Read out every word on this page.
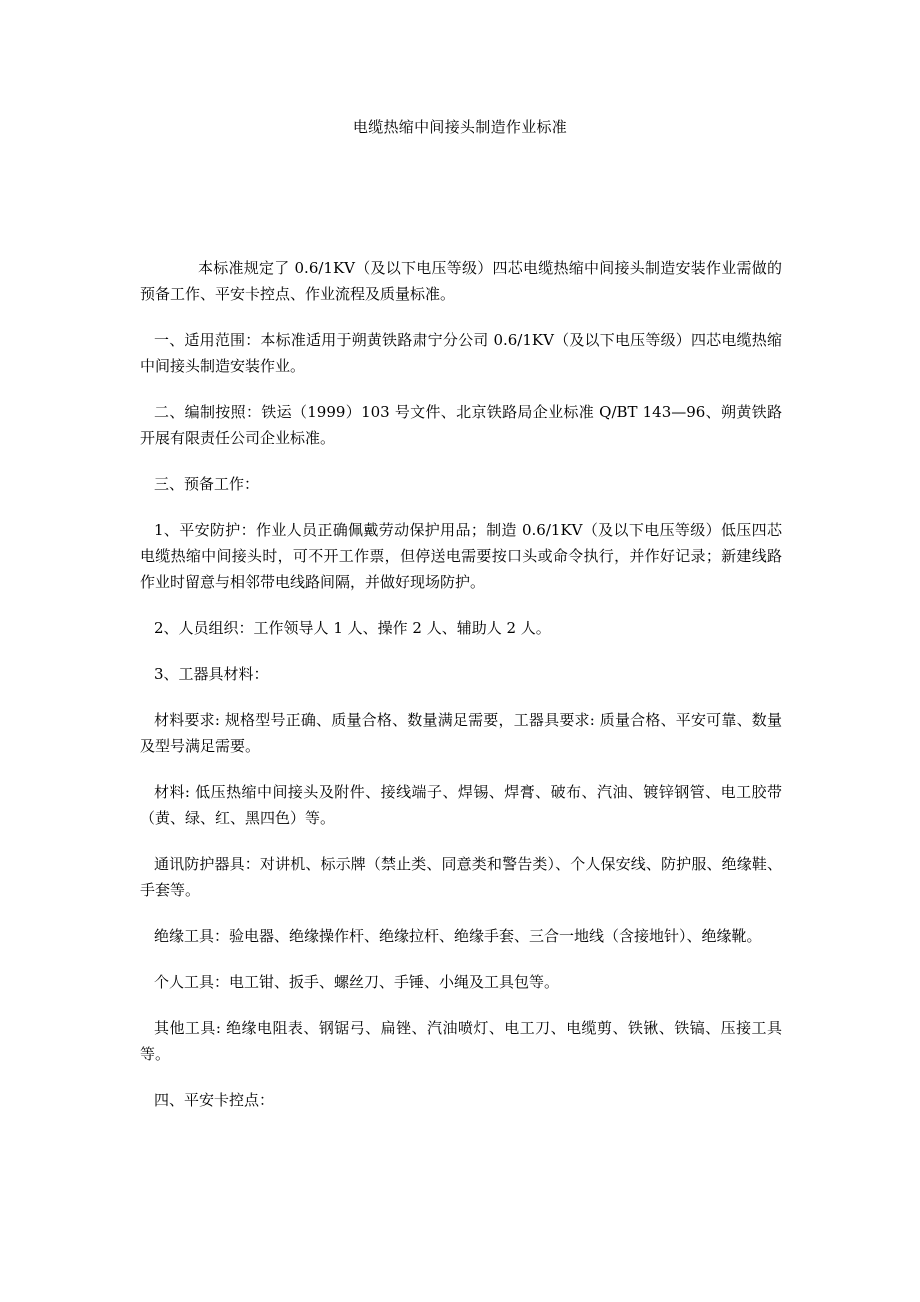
电缆热缩中间接头制造作业标准

本标准规定了 0.6/1KV（及以下电压等级）四芯电缆热缩中间接头制造安装作业需做的预备工作、平安卡控点、作业流程及质量标准。

一、适用范围：本标准适用于朔黄铁路肃宁分公司 0.6/1KV（及以下电压等级）四芯电缆热缩中间接头制造安装作业。

二、编制按照：铁运（1999）103 号文件、北京铁路局企业标准 Q/BT 143—96、朔黄铁路开展有限责任公司企业标准。

三、预备工作：

1、平安防护：作业人员正确佩戴劳动保护用品；制造 0.6/1KV（及以下电压等级）低压四芯电缆热缩中间接头时，可不开工作票，但停送电需要按口头或命令执行，并作好记录；新建线路作业时留意与相邻带电线路间隔，并做好现场防护。

2、人员组织：工作领导人 1 人、操作 2 人、辅助人 2 人。

3、工器具材料：

材料要求: 规格型号正确、质量合格、数量满足需要，工器具要求: 质量合格、平安可靠、数量及型号满足需要。

材料: 低压热缩中间接头及附件、接线端子、焊锡、焊膏、破布、汽油、镀锌钢管、电工胶带（黄、绿、红、黑四色）等。

通讯防护器具：对讲机、标示牌（禁止类、同意类和警告类）、个人保安线、防护服、绝缘鞋、手套等。

绝缘工具：验电器、绝缘操作杆、绝缘拉杆、绝缘手套、三合一地线（含接地针）、绝缘靴。

个人工具：电工钳、扳手、螺丝刀、手锤、小绳及工具包等。

其他工具: 绝缘电阻表、钢锯弓、扁锉、汽油喷灯、电工刀、电缆剪、铁锹、铁镐、压接工具等。

四、平安卡控点：
